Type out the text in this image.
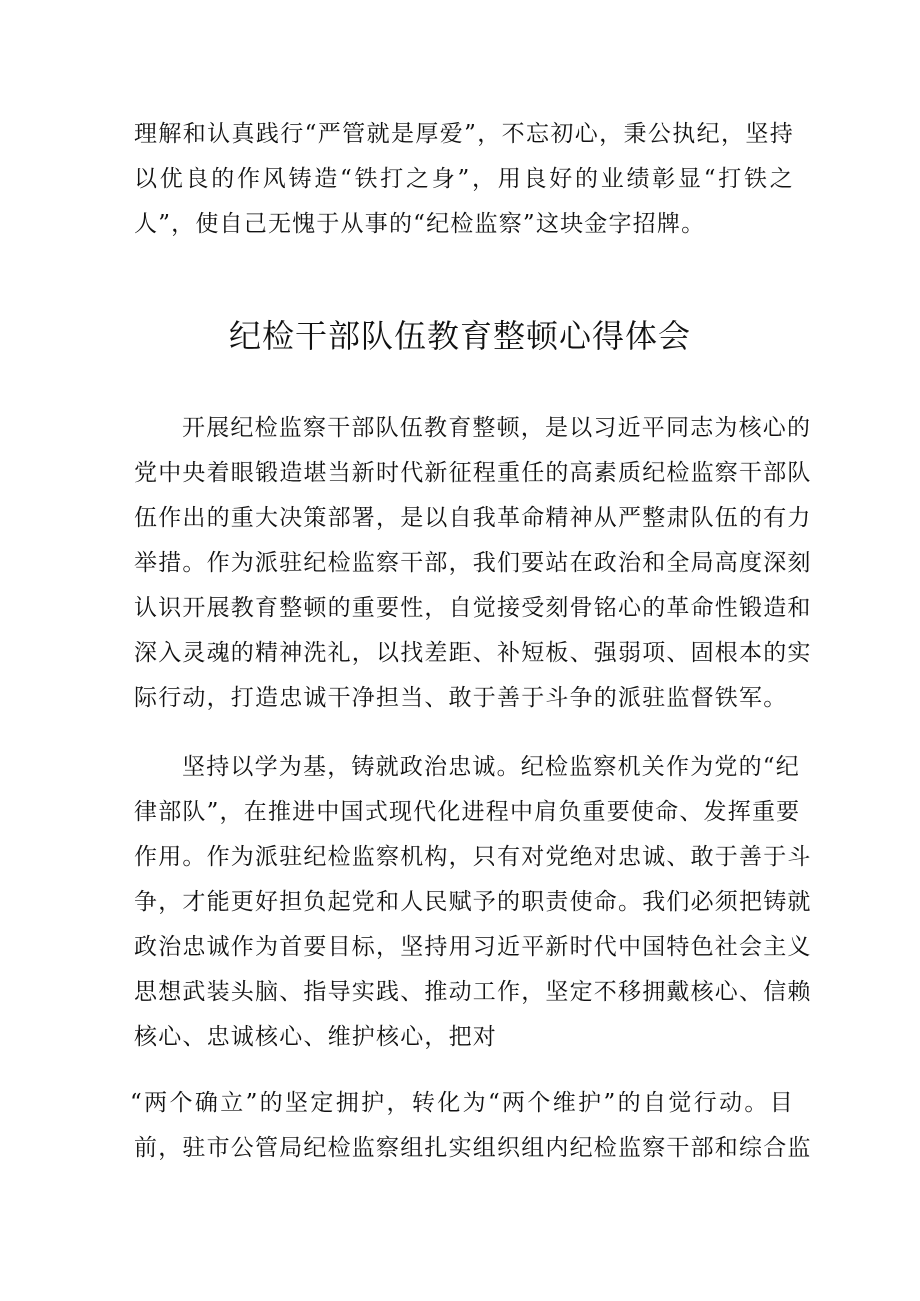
理解和认真践行“严管就是厚爱”，不忘初心，秉公执纪，坚持
以优良的作风铸造“铁打之身”，用良好的业绩彰显“打铁之
人”，使自己无愧于从事的“纪检监察”这块金字招牌。
纪检干部队伍教育整顿心得体会
开展纪检监察干部队伍教育整顿，是以习近平同志为核心的
党中央着眼锻造堪当新时代新征程重任的高素质纪检监察干部队
伍作出的重大决策部署，是以自我革命精神从严整肃队伍的有力
举措。作为派驻纪检监察干部，我们要站在政治和全局高度深刻
认识开展教育整顿的重要性，自觉接受刻骨铭心的革命性锻造和
深入灵魂的精神洗礼，以找差距、补短板、强弱项、固根本的实
际行动，打造忠诚干净担当、敢于善于斗争的派驻监督铁军。
坚持以学为基，铸就政治忠诚。纪检监察机关作为党的“纪
律部队”，在推进中国式现代化进程中肩负重要使命、发挥重要
作用。作为派驻纪检监察机构，只有对党绝对忠诚、敢于善于斗
争，才能更好担负起党和人民赋予的职责使命。我们必须把铸就
政治忠诚作为首要目标，坚持用习近平新时代中国特色社会主义
思想武装头脑、指导实践、推动工作，坚定不移拥戴核心、信赖
核心、忠诚核心、维护核心，把对
“两个确立”的坚定拥护，转化为“两个维护”的自觉行动。目
前，驻市公管局纪检监察组扎实组织组内纪检监察干部和综合监
